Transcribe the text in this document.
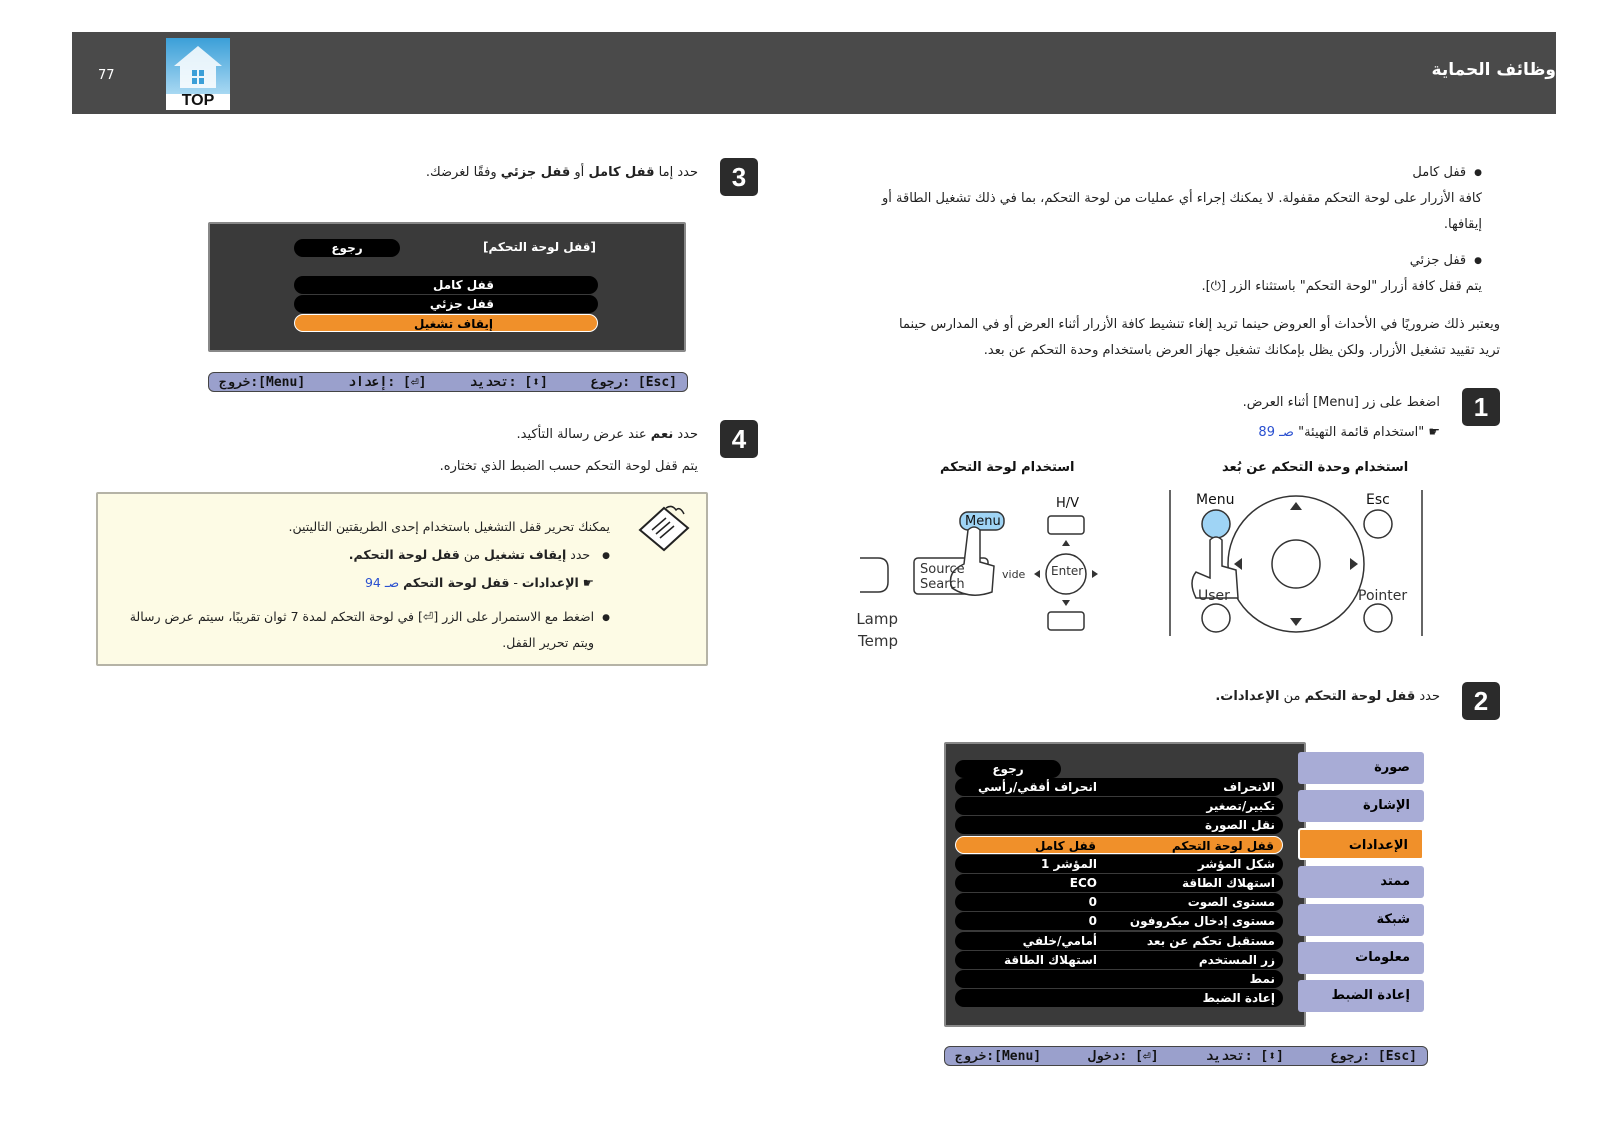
77
TOP
وظائف الحماية
● قفل كامل
كافة الأزرار على لوحة التحكم مقفولة. لا يمكنك إجراء أي عمليات من لوحة التحكم، بما في ذلك تشغيل الطاقة أو
إيقافها.
● قفل جزئي
يتم قفل كافة أزرار "لوحة التحكم" باستثناء الزر [⏻].
ويعتبر ذلك ضروريًا في الأحداث أو العروض حينما تريد إلغاء تنشيط كافة الأزرار أثناء العرض أو في المدارس حينما
تريد تقييد تشغيل الأزرار. ولكن يظل بإمكانك تشغيل جهاز العرض باستخدام وحدة التحكم عن بعد.
1
اضغط على زر [Menu] أثناء العرض.
☛ "استخدام قائمة التهيئة" صـ 89
استخدام وحدة التحكم عن بُعد
استخدام لوحة التحكم
Menu	Esc
User	Pointer
Menu
H/V
Source
Search
vide Enter
Lamp
Temp
2
حدد قفل لوحة التحكم من الإعدادات.
رجوع
الانحراف
انحراف أفقي/رأسي
تكبير/تصغير
نقل الصورة
قفل لوحة التحكم
قفل كامل
شكل المؤشر
المؤشر 1
استهلاك الطاقة
ECO
مستوى الصوت
0
مستوى إدخال ميكروفون
0
مستقبل تحكم عن بعد
أمامي/خلفي
زر المستخدم
استهلاك الطاقة
نمط
إعادة الضبط
صورة
الإشارة
الإعدادات
ممتد
شبكة
معلومات
إعادة الضبط
[Esc] :رجوع
[⬍] :تحديد
[⏎] :دخول
[Menu]:خروج
3
حدد إما قفل كامل أو قفل جزئي وفقًا لغرضك.
[قفل لوحة التحكم]
رجوع
قفل كامل
قفل جزئي
إيقاف تشغيل
[Esc] :رجوع
[⬍] :تحديد
[⏎] :إعداد
[Menu]:خروج
4
حدد نعم عند عرض رسالة التأكيد.
يتم قفل لوحة التحكم حسب الضبط الذي تختاره.
يمكنك تحرير قفل التشغيل باستخدام إحدى الطريقتين التاليتين.
● حدد إيقاف تشغيل من قفل لوحة التحكم.
☛ الإعدادات - قفل لوحة التحكم صـ 94
● اضغط مع الاستمرار على الزر [⏎] في لوحة التحكم لمدة 7 ثوان تقريبًا، سيتم عرض رسالة
ويتم تحرير القفل.
